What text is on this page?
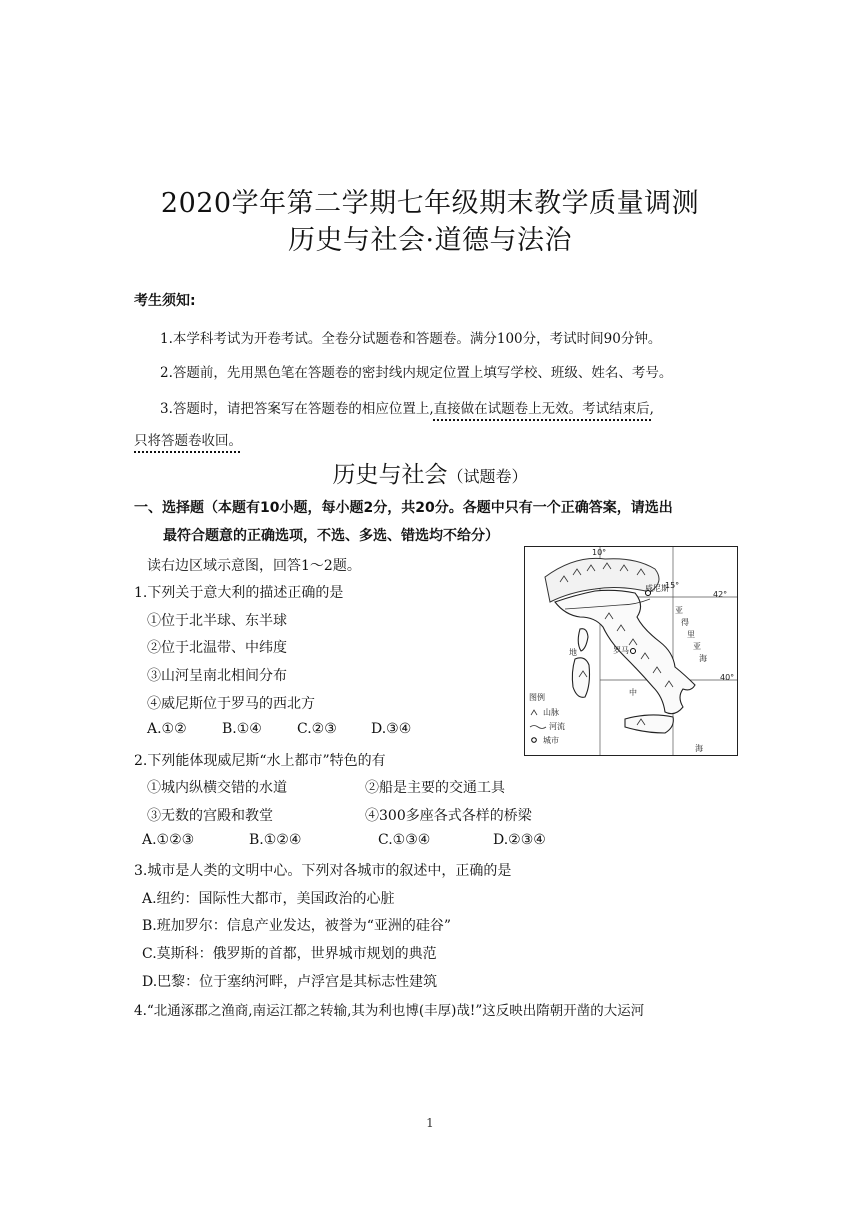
2020学年第二学期七年级期末教学质量调测
历史与社会·道德与法治
考生须知:
1.本学科考试为开卷考试。全卷分试题卷和答题卷。满分100分，考试时间90分钟。
2.答题前，先用黑色笔在答题卷的密封线内规定位置上填写学校、班级、姓名、考号。
3.答题时，请把答案写在答题卷的相应位置上,直接做在试题卷上无效。考试结束后,
只将答题卷收回。
历史与社会（试题卷）
一、选择题（本题有10小题，每小题2分，共20分。各题中只有一个正确答案，请选出
最符合题意的正确选项，不选、多选、错选均不给分）
读右边区域示意图，回答1～2题。
1.下列关于意大利的描述正确的是
①位于北半球、东半球
②位于北温带、中纬度
③山河呈南北相间分布
④威尼斯位于罗马的西北方
A.①②	B.①④	C.②③ D.③④
2.下列能体现威尼斯“水上都市”特色的有
①城内纵横交错的水道	②船是主要的交通工具
③无数的宫殿和教堂	④300多座各式各样的桥梁
A.①②③	B.①②④	C.①③④	D.②③④
3.城市是人类的文明中心。下列对各城市的叙述中，正确的是
A.纽约：国际性大都市，美国政治的心脏
B.班加罗尔：信息产业发达，被誉为“亚洲的硅谷”
C.莫斯科：俄罗斯的首都，世界城市规划的典范
D.巴黎：位于塞纳河畔，卢浮宫是其标志性建筑
4.“北通涿郡之渔商,南运江都之转输,其为利也博(丰厚)哉!”这反映出隋朝开凿的大运河
10°
15°
42°
40°
威尼斯
罗马
亚
得
里
亚
海
地
中
海
图例
山脉
河流
城市
1
